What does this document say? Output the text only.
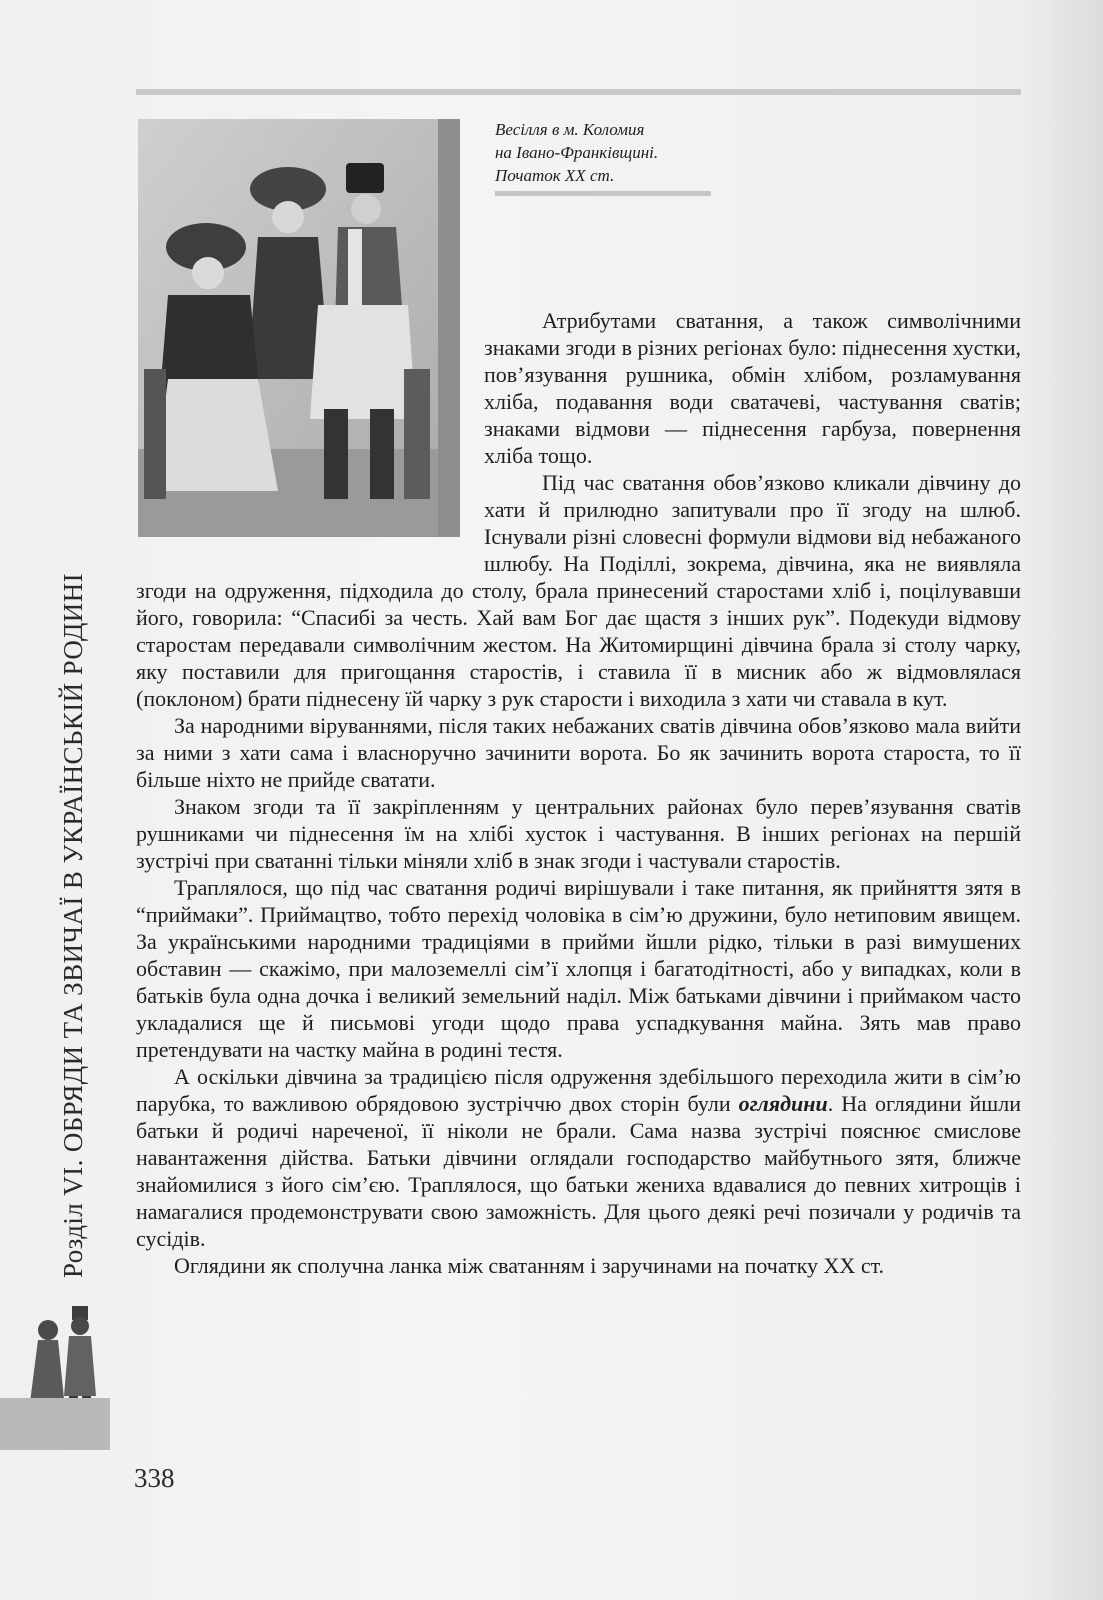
Весілля в м. Коломия
на Івано-Франківщині.
Початок XX ст.

Атрибутами сватання, а також символічними знаками згоди в різних регіонах було: піднесення хустки, пов’язування рушника, обмін хлібом, розламування хліба, подавання води сватачеві, частування сватів; знаками відмови — піднесення гарбуза, повернення хліба тощо.

Під час сватання обов’язково кликали дівчину до хати й прилюдно запитували про її згоду на шлюб. Існували різні словесні формули відмови від небажаного шлюбу. На Поділлі, зокрема, дівчина, яка не виявляла згоди на одруження, підходила до столу, брала принесений старостами хліб і, поцілувавши його, говорила: “Спасибі за честь. Хай вам Бог дає щастя з інших рук”. Подекуди відмову старостам передавали символічним жестом. На Житомирщині дівчина брала зі столу чарку, яку поставили для пригощання старостів, і ставила її в мисник або ж відмовлялася (поклоном) брати піднесену їй чарку з рук старости і виходила з хати чи ставала в кут.

За народними віруваннями, після таких небажаних сватів дівчина обов’язково мала вийти за ними з хати сама і власноручно зачинити ворота. Бо як зачинить ворота староста, то її більше ніхто не прийде сватати.

Знаком згоди та її закріпленням у центральних районах було перев’язування сватів рушниками чи піднесення їм на хлібі хусток і частування. В інших регіонах на першій зустрічі при сватанні тільки міняли хліб в знак згоди і частували старостів.

Траплялося, що під час сватання родичі вирішували і таке питання, як прийняття зятя в “приймаки”. Приймацтво, тобто перехід чоловіка в сім’ю дружини, було нетиповим явищем. За українськими народними традиціями в прийми йшли рідко, тільки в разі вимушених обставин — скажімо, при малоземеллі сім’ї хлопця і багатодітності, або у випадках, коли в батьків була одна дочка і великий земельний наділ. Між батьками дівчини і приймаком часто укладалися ще й письмові угоди щодо права успадкування майна. Зять мав право претендувати на частку майна в родині тестя.

А оскільки дівчина за традицією після одруження здебільшого переходила жити в сім’ю парубка, то важливою обрядовою зустріччю двох сторін були оглядини. На оглядини йшли батьки й родичі нареченої, її ніколи не брали. Сама назва зустрічі пояснює смислове навантаження дійства. Батьки дівчини оглядали господарство майбутнього зятя, ближче знайомилися з його сім’єю. Траплялося, що батьки жениха вдавалися до певних хитрощів і намагалися продемонструвати свою заможність. Для цього деякі речі позичали у родичів та сусідів.

Оглядини як сполучна ланка між сватанням і заручинами на початку XX ст.

Розділ VI. ОБРЯДИ ТА ЗВИЧАЇ В УКРАЇНСЬКІЙ РОДИНІ
338
